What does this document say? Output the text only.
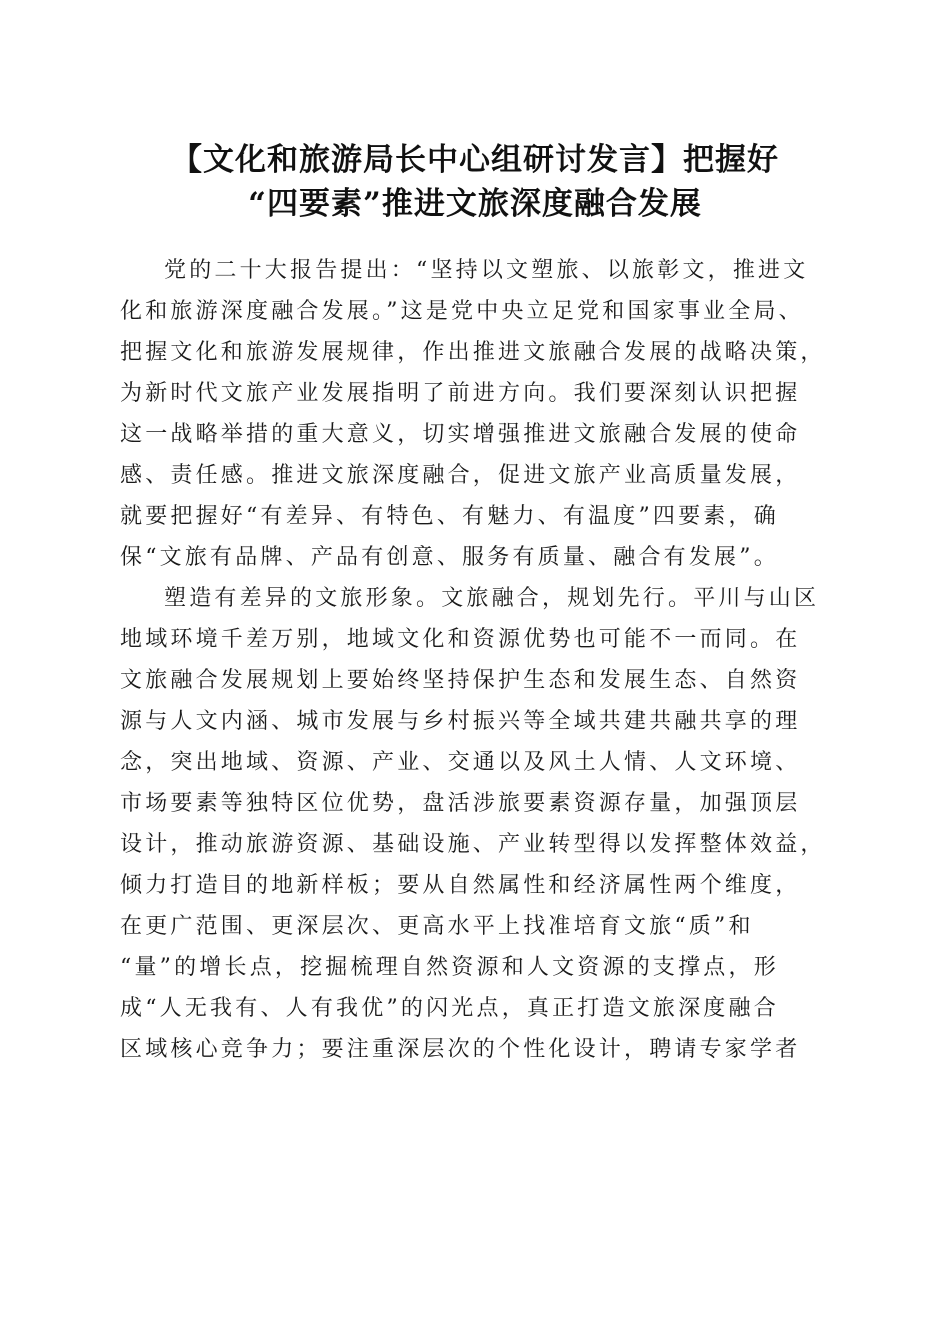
【文化和旅游局长中心组研讨发言】把握好
“四要素”推进文旅深度融合发展
党的二十大报告提出：“坚持以文塑旅、以旅彰文，推进文
化和旅游深度融合发展。”这是党中央立足党和国家事业全局、
把握文化和旅游发展规律，作出推进文旅融合发展的战略决策，
为新时代文旅产业发展指明了前进方向。我们要深刻认识把握
这一战略举措的重大意义，切实增强推进文旅融合发展的使命
感、责任感。推进文旅深度融合，促进文旅产业高质量发展，
就要把握好“有差异、有特色、有魅力、有温度”四要素，确
保“文旅有品牌、产品有创意、服务有质量、融合有发展”。
塑造有差异的文旅形象。文旅融合，规划先行。平川与山区
地域环境千差万别，地域文化和资源优势也可能不一而同。在
文旅融合发展规划上要始终坚持保护生态和发展生态、自然资
源与人文内涵、城市发展与乡村振兴等全域共建共融共享的理
念，突出地域、资源、产业、交通以及风土人情、人文环境、
市场要素等独特区位优势，盘活涉旅要素资源存量，加强顶层
设计，推动旅游资源、基础设施、产业转型得以发挥整体效益，
倾力打造目的地新样板；要从自然属性和经济属性两个维度，
在更广范围、更深层次、更高水平上找准培育文旅“质”和
“量”的增长点，挖掘梳理自然资源和人文资源的支撑点，形
成“人无我有、人有我优”的闪光点，真正打造文旅深度融合
区域核心竞争力；要注重深层次的个性化设计，聘请专家学者
